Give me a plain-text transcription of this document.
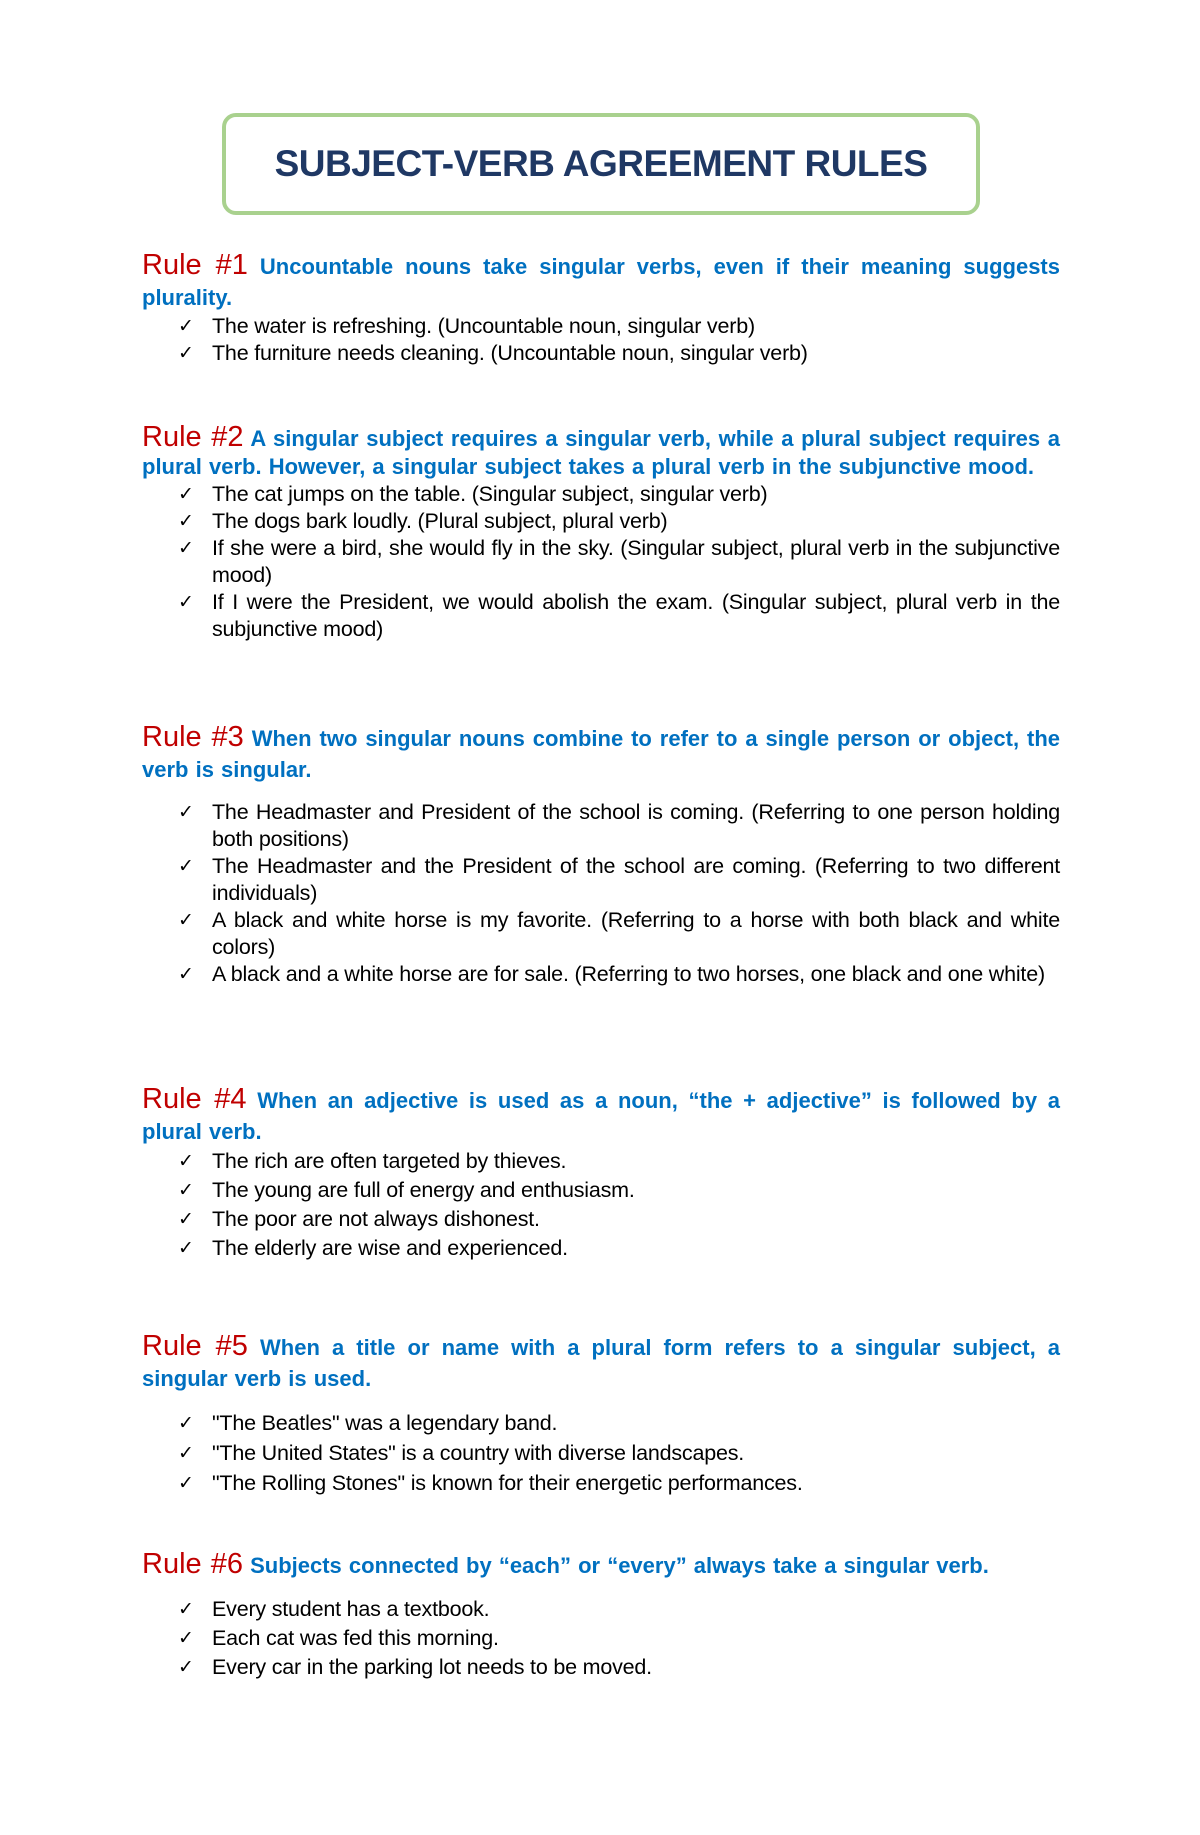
SUBJECT-VERB AGREEMENT RULES

Rule #1 Uncountable nouns take singular verbs, even if their meaning suggests plurality.

✓ The water is refreshing. (Uncountable noun, singular verb)
✓ The furniture needs cleaning. (Uncountable noun, singular verb)

Rule #2 A singular subject requires a singular verb, while a plural subject requires a plural verb. However, a singular subject takes a plural verb in the subjunctive mood.

✓ The cat jumps on the table. (Singular subject, singular verb)
✓ The dogs bark loudly. (Plural subject, plural verb)
✓ If she were a bird, she would fly in the sky. (Singular subject, plural verb in the subjunctive mood)
✓ If I were the President, we would abolish the exam. (Singular subject, plural verb in the subjunctive mood)

Rule #3 When two singular nouns combine to refer to a single person or object, the verb is singular.

✓ The Headmaster and President of the school is coming. (Referring to one person holding both positions)
✓ The Headmaster and the President of the school are coming. (Referring to two different individuals)
✓ A black and white horse is my favorite. (Referring to a horse with both black and white colors)
✓ A black and a white horse are for sale. (Referring to two horses, one black and one white)

Rule #4 When an adjective is used as a noun, “the + adjective” is followed by a plural verb.

✓ The rich are often targeted by thieves.
✓ The young are full of energy and enthusiasm.
✓ The poor are not always dishonest.
✓ The elderly are wise and experienced.

Rule #5 When a title or name with a plural form refers to a singular subject, a singular verb is used.

✓ "The Beatles" was a legendary band.
✓ "The United States" is a country with diverse landscapes.
✓ "The Rolling Stones" is known for their energetic performances.

Rule #6 Subjects connected by “each” or “every” always take a singular verb.

✓ Every student has a textbook.
✓ Each cat was fed this morning.
✓ Every car in the parking lot needs to be moved.
